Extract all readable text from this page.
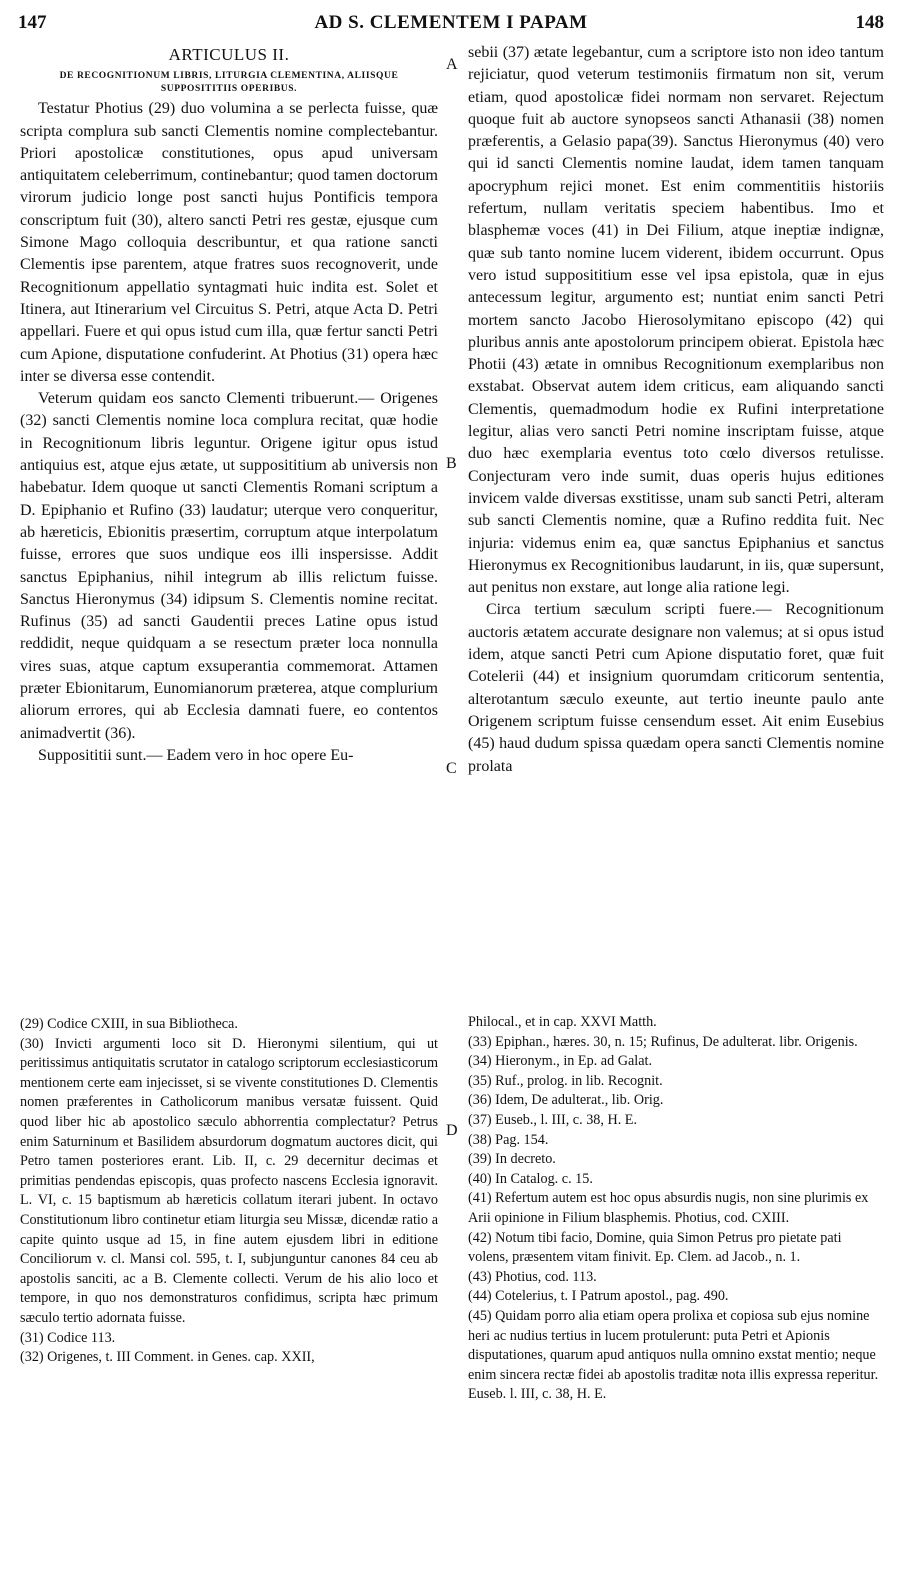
147	AD S. CLEMENTEM I PAPAM	148
A
B
C
D
ARTICULUS II.
DE RECOGNITIONUM LIBRIS, LITURGIA CLEMENTINA, ALIISQUE SUPPOSITITIIS OPERIBUS.

Testatur Photius (29) duo volumina a se perlecta fuisse, quæ scripta complura sub sancti Clementis nomine complectebantur. Priori apostolicæ constitutiones, opus apud universam antiquitatem celeberrimum, continebantur; quod tamen doctorum virorum judicio longe post sancti hujus Pontificis tempora conscriptum fuit (30), altero sancti Petri res gestæ, ejusque cum Simone Mago colloquia describuntur, et qua ratione sancti Clementis ipse parentem, atque fratres suos recognoverit, unde Recognitionum appellatio syntagmati huic indita est. Solet et Itinera, aut Itinerarium vel Circuitus S. Petri, atque Acta D. Petri appellari. Fuere et qui opus istud cum illa, quæ fertur sancti Petri cum Apione, disputatione confuderint. At Photius (31) opera hæc inter se diversa esse contendit.

Veterum quidam eos sancto Clementi tribuerunt.— Origenes (32) sancti Clementis nomine loca complura recitat, quæ hodie in Recognitionum libris leguntur. Origene igitur opus istud antiquius est, atque ejus ætate, ut supposititium ab universis non habebatur. Idem quoque ut sancti Clementis Romani scriptum a D. Epiphanio et Rufino (33) laudatur; uterque vero conqueritur, ab hæreticis, Ebionitis præsertim, corruptum atque interpolatum fuisse, errores que suos undique eos illi inspersisse. Addit sanctus Epiphanius, nihil integrum ab illis relictum fuisse. Sanctus Hieronymus (34) idipsum S. Clementis nomine recitat. Rufinus (35) ad sancti Gaudentii preces Latine opus istud reddidit, neque quidquam a se resectum præter loca nonnulla vires suas, atque captum exsuperantia commemorat. Attamen præter Ebionitarum, Eunomianorum præterea, atque complurium aliorum errores, qui ab Ecclesia damnati fuere, eo contentos animadvertit (36).

Supposititii sunt.— Eadem vero in hoc opere Eu-

sebii (37) ætate legebantur, cum a scriptore isto non ideo tantum rejiciatur, quod veterum testimoniis firmatum non sit, verum etiam, quod apostolicæ fidei normam non servaret. Rejectum quoque fuit ab auctore synopseos sancti Athanasii (38) nomen præferentis, a Gelasio papa(39). Sanctus Hieronymus (40) vero qui id sancti Clementis nomine laudat, idem tamen tanquam apocryphum rejici monet. Est enim commentitiis historiis refertum, nullam veritatis speciem habentibus. Imo et blasphemæ voces (41) in Dei Filium, atque ineptiæ indignæ, quæ sub tanto nomine lucem viderent, ibidem occurrunt. Opus vero istud supposititium esse vel ipsa epistola, quæ in ejus antecessum legitur, argumento est; nuntiat enim sancti Petri mortem sancto Jacobo Hierosolymitano episcopo (42) qui pluribus annis ante apostolorum principem obierat. Epistola hæc Photii (43) ætate in omnibus Recognitionum exemplaribus non exstabat. Observat autem idem criticus, eam aliquando sancti Clementis, quemadmodum hodie ex Rufini interpretatione legitur, alias vero sancti Petri nomine inscriptam fuisse, atque duo hæc exemplaria eventus toto cœlo diversos retulisse. Conjecturam vero inde sumit, duas operis hujus editiones invicem valde diversas exstitisse, unam sub sancti Petri, alteram sub sancti Clementis nomine, quæ a Rufino reddita fuit. Nec injuria: videmus enim ea, quæ sanctus Epiphanius et sanctus Hieronymus ex Recognitionibus laudarunt, in iis, quæ supersunt, aut penitus non exstare, aut longe alia ratione legi.

Circa tertium sæculum scripti fuere.— Recognitionum auctoris ætatem accurate designare non valemus; at si opus istud idem, atque sancti Petri cum Apione disputatio foret, quæ fuit Cotelerii (44) et insignium quorumdam criticorum sententia, alterotantum sæculo exeunte, aut tertio ineunte paulo ante Origenem scriptum fuisse censendum esset. Ait enim Eusebius (45) haud dudum spissa quædam opera sancti Clementis nomine prolata

(29) Codice CXIII, in sua Bibliotheca.

(30) Invicti argumenti loco sit D. Hieronymi silentium, qui ut peritissimus antiquitatis scrutator in catalogo scriptorum ecclesiasticorum mentionem certe eam injecisset, si se vivente constitutiones D. Clementis nomen præferentes in Catholicorum manibus versatæ fuissent. Quid quod liber hic ab apostolico sæculo abhorrentia complectatur? Petrus enim Saturninum et Basilidem absurdorum dogmatum auctores dicit, qui Petro tamen posteriores erant. Lib. II, c. 29 decernitur decimas et primitias pendendas episcopis, quas profecto nascens Ecclesia ignoravit. L. VI, c. 15 baptismum ab hæreticis collatum iterari jubent. In octavo Constitutionum libro continetur etiam liturgia seu Missæ, dicendæ ratio a capite quinto usque ad 15, in fine autem ejusdem libri in editione Conciliorum v. cl. Mansi col. 595, t. I, subjunguntur canones 84 ceu ab apostolis sanciti, ac a B. Clemente collecti. Verum de his alio loco et tempore, in quo nos demonstraturos confidimus, scripta hæc primum sæculo tertio adornata fuisse.

(31) Codice 113.

(32) Origenes, t. III Comment. in Genes. cap. XXII,

Philocal., et in cap. XXVI Matth.

(33) Epiphan., hæres. 30, n. 15; Rufinus, De adulterat. libr. Origenis.

(34) Hieronym., in Ep. ad Galat.

(35) Ruf., prolog. in lib. Recognit.

(36) Idem, De adulterat., lib. Orig.

(37) Euseb., l. III, c. 38, H. E.

(38) Pag. 154.

(39) In decreto.

(40) In Catalog. c. 15.

(41) Refertum autem est hoc opus absurdis nugis, non sine plurimis ex Arii opinione in Filium blasphemis. Photius, cod. CXIII.

(42) Notum tibi facio, Domine, quia Simon Petrus pro pietate pati volens, præsentem vitam finivit. Ep. Clem. ad Jacob., n. 1.

(43) Photius, cod. 113.

(44) Cotelerius, t. I Patrum apostol., pag. 490.

(45) Quidam porro alia etiam opera prolixa et copiosa sub ejus nomine heri ac nudius tertius in lucem protulerunt: puta Petri et Apionis disputationes, quarum apud antiquos nulla omnino exstat mentio; neque enim sincera rectæ fidei ab apostolis traditæ nota illis expressa reperitur. Euseb. l. III, c. 38, H. E.
